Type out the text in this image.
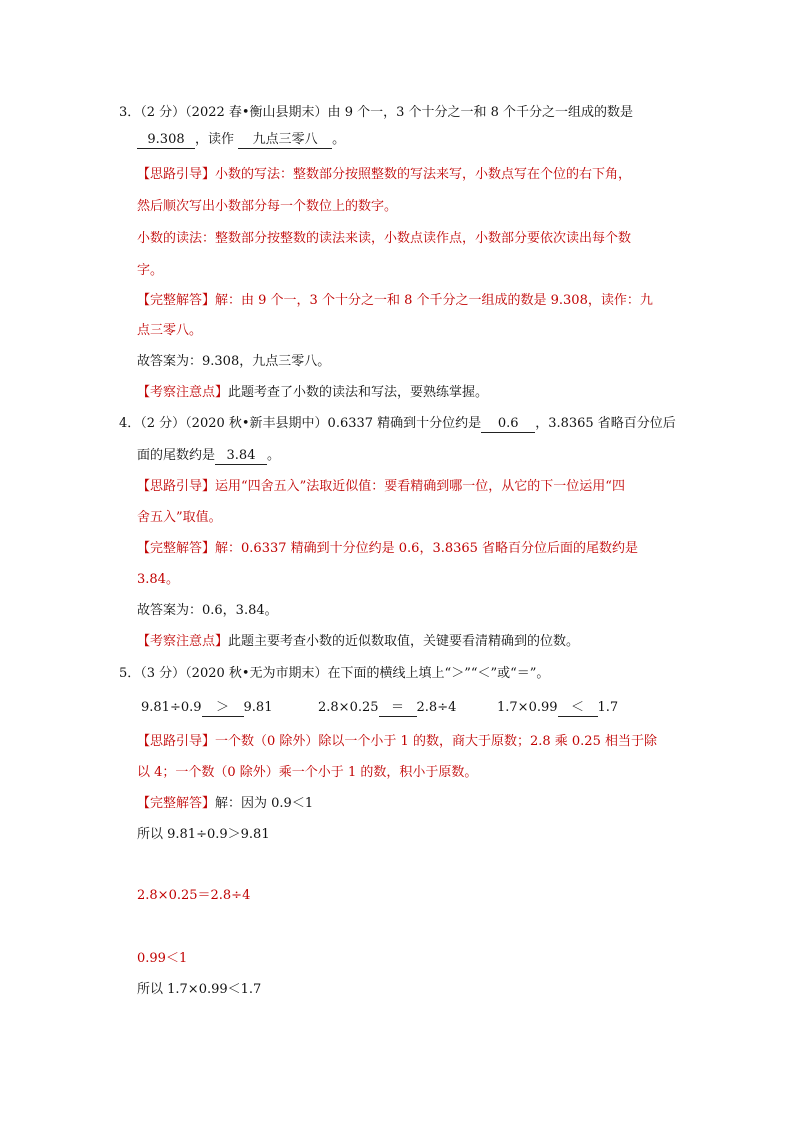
3．（2 分）（2022 春•衡山县期末）由 9 个一，3 个十分之一和 8 个千分之一组成的数是
9.308 ，读作 九点三零八 。
【思路引导】小数的写法：整数部分按照整数的写法来写，小数点写在个位的右下角，
然后顺次写出小数部分每一个数位上的数字。
小数的读法：整数部分按整数的读法来读，小数点读作点，小数部分要依次读出每个数
字。
【完整解答】解：由 9 个一，3 个十分之一和 8 个千分之一组成的数是 9.308，读作：九
点三零八。
故答案为：9.308，九点三零八。
【考察注意点】此题考查了小数的读法和写法，要熟练掌握。
4．（2 分）（2020 秋•新丰县期中）0.6337 精确到十分位约是 0.6 ，3.8365 省略百分位后
面的尾数约是 3.84 。
【思路引导】运用“四舍五入”法取近似值：要看精确到哪一位，从它的下一位运用“四
舍五入”取值。
【完整解答】解：0.6337 精确到十分位约是 0.6，3.8365 省略百分位后面的尾数约是
3.84。
故答案为：0.6，3.84。
【考察注意点】此题主要考查小数的近似数取值，关键要看清精确到的位数。
5．（3 分）（2020 秋•无为市期末）在下面的横线上填上“＞”“＜”或“＝”。
9.81÷0.9 ＞ 9.81	2.8×0.25 ＝ 2.8÷4	1.7×0.99 ＜ 1.7
【思路引导】一个数（0 除外）除以一个小于 1 的数，商大于原数；2.8 乘 0.25 相当于除
以 4；一个数（0 除外）乘一个小于 1 的数，积小于原数。
【完整解答】解：因为 0.9＜1
所以 9.81÷0.9＞9.81
2.8×0.25＝2.8÷4
0.99＜1
所以 1.7×0.99＜1.7
